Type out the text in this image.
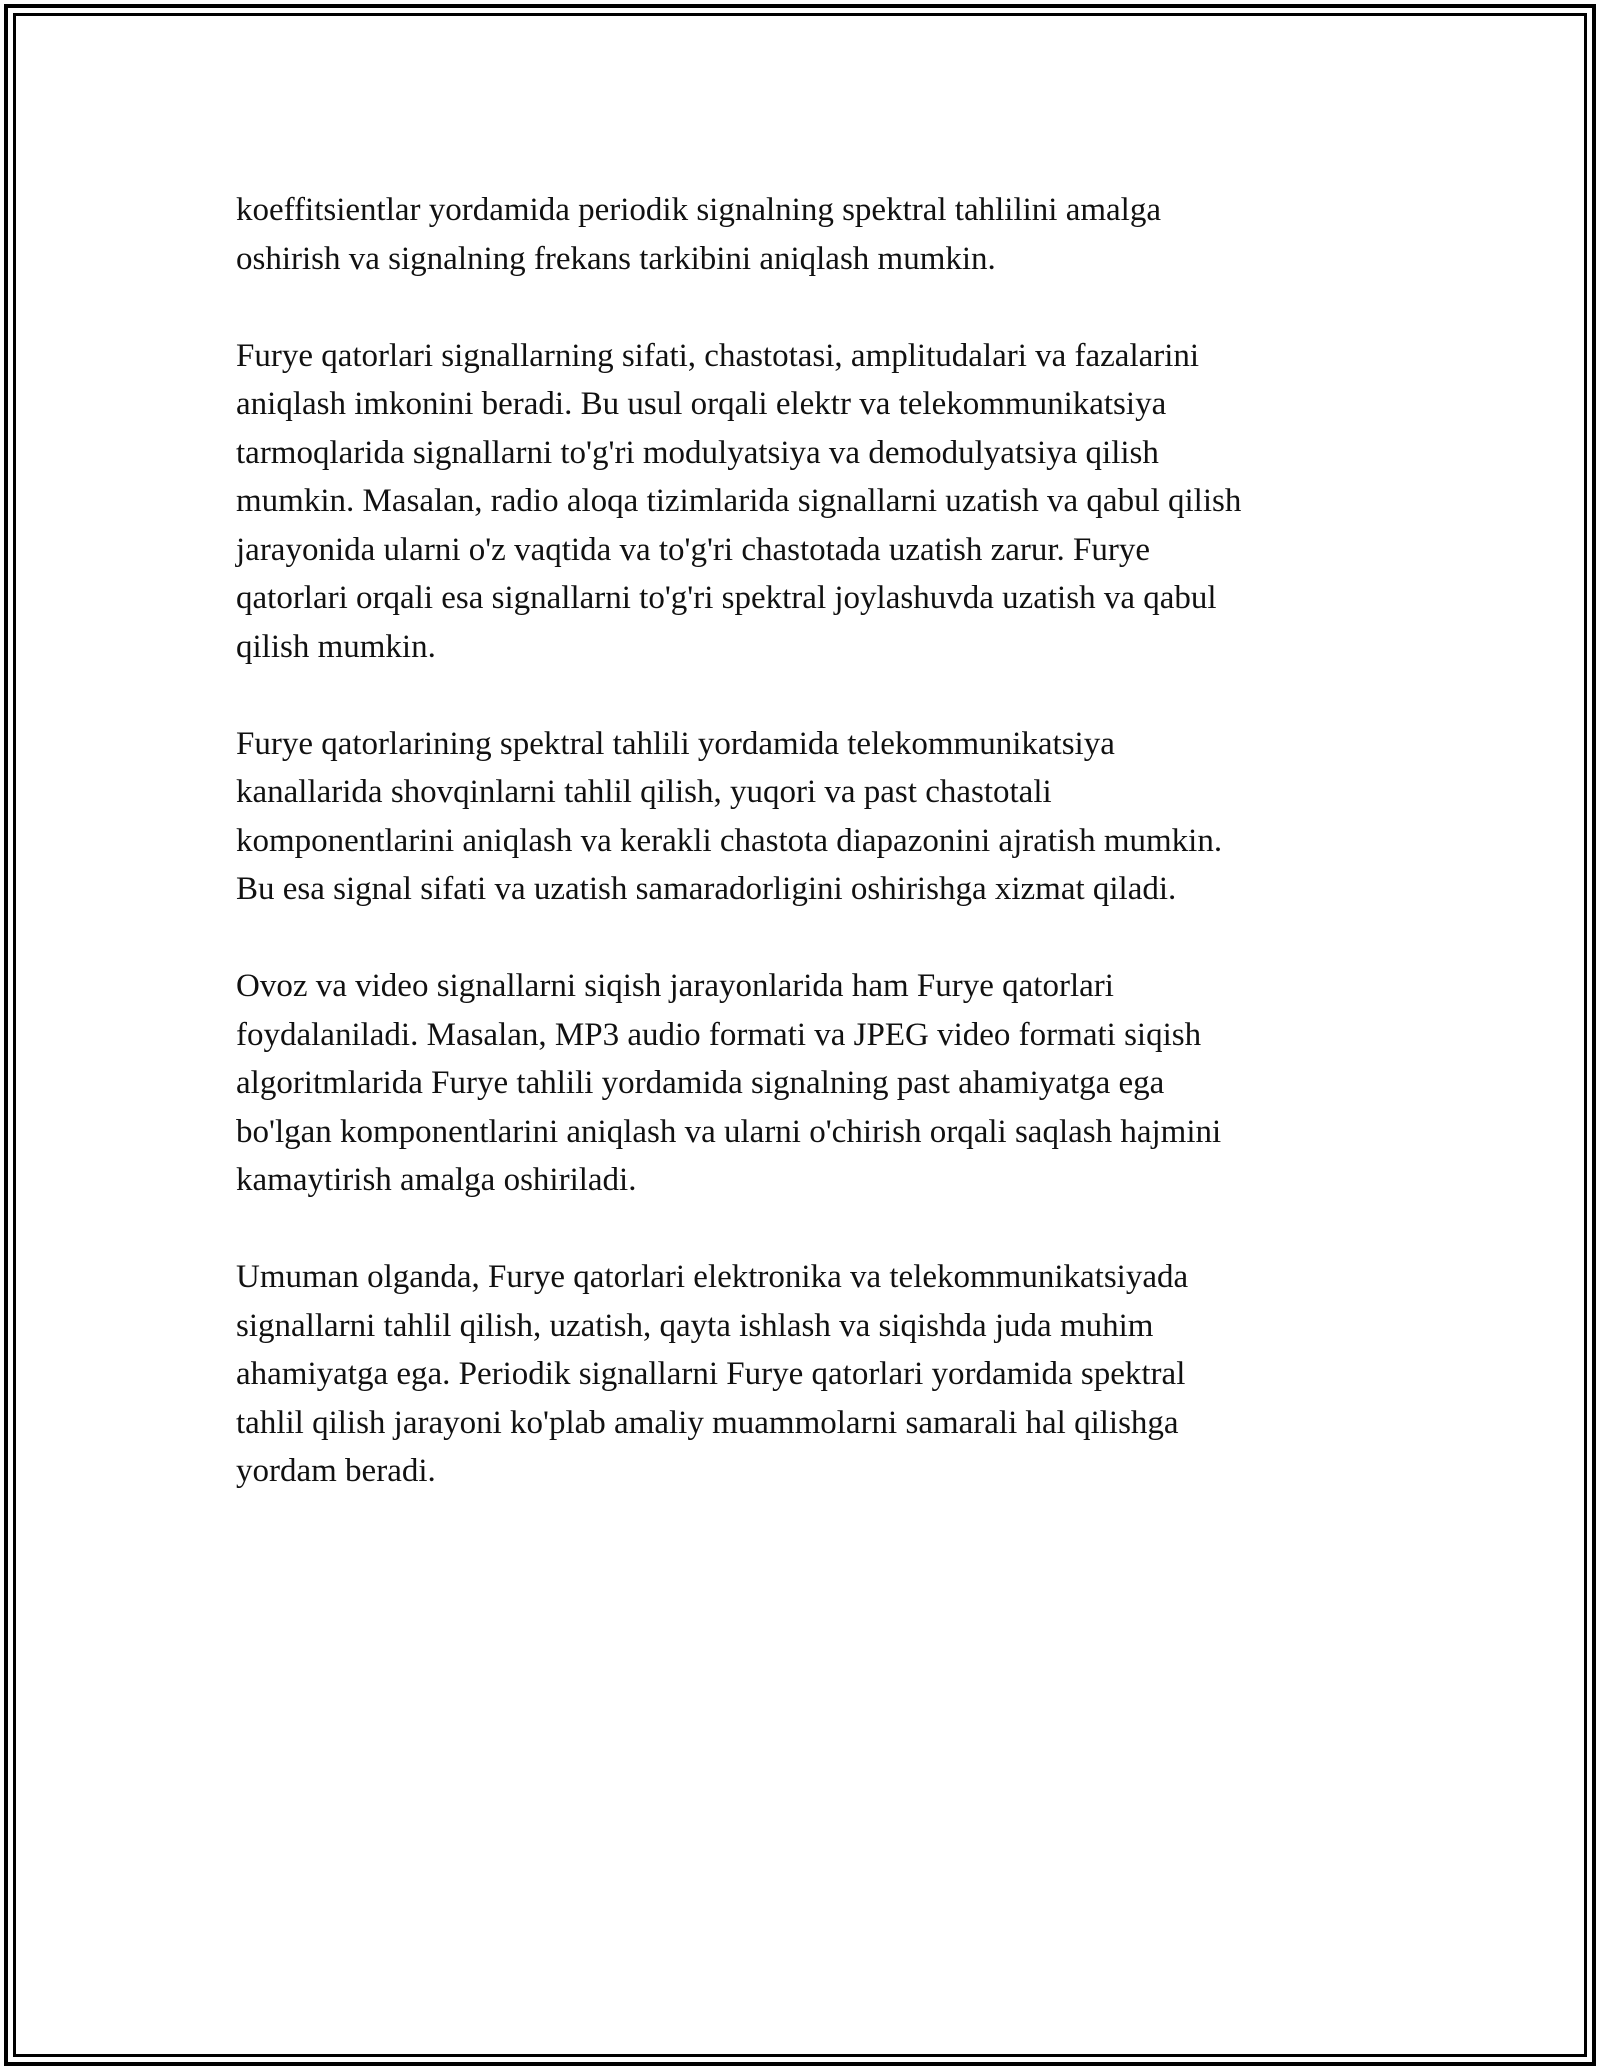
koeffitsientlar yordamida periodik signalning spektral tahlilini amalga
oshirish va signalning frekans tarkibini aniqlash mumkin.

Furye qatorlari signallarning sifati, chastotasi, amplitudalari va fazalarini
aniqlash imkonini beradi. Bu usul orqali elektr va telekommunikatsiya
tarmoqlarida signallarni to'g'ri modulyatsiya va demodulyatsiya qilish
mumkin. Masalan, radio aloqa tizimlarida signallarni uzatish va qabul qilish
jarayonida ularni o'z vaqtida va to'g'ri chastotada uzatish zarur. Furye
qatorlari orqali esa signallarni to'g'ri spektral joylashuvda uzatish va qabul
qilish mumkin.

Furye qatorlarining spektral tahlili yordamida telekommunikatsiya
kanallarida shovqinlarni tahlil qilish, yuqori va past chastotali
komponentlarini aniqlash va kerakli chastota diapazonini ajratish mumkin.
Bu esa signal sifati va uzatish samaradorligini oshirishga xizmat qiladi.

Ovoz va video signallarni siqish jarayonlarida ham Furye qatorlari
foydalaniladi. Masalan, MP3 audio formati va JPEG video formati siqish
algoritmlarida Furye tahlili yordamida signalning past ahamiyatga ega
bo'lgan komponentlarini aniqlash va ularni o'chirish orqali saqlash hajmini
kamaytirish amalga oshiriladi.

Umuman olganda, Furye qatorlari elektronika va telekommunikatsiyada
signallarni tahlil qilish, uzatish, qayta ishlash va siqishda juda muhim
ahamiyatga ega. Periodik signallarni Furye qatorlari yordamida spektral
tahlil qilish jarayoni ko'plab amaliy muammolarni samarali hal qilishga
yordam beradi.
